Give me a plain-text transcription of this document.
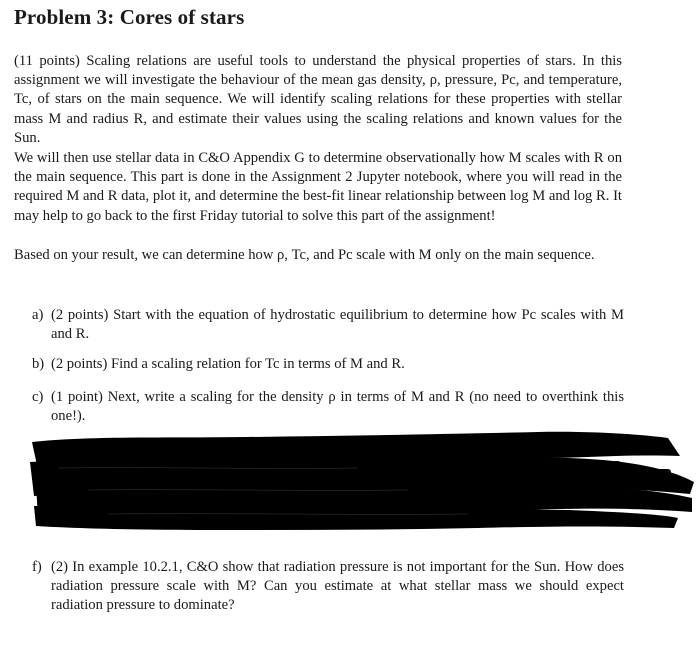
Problem 3: Cores of stars

(11 points) Scaling relations are useful tools to understand the physical properties of stars. In this assignment we will investigate the behaviour of the mean gas density, ρ, pressure, Pc, and temperature, Tc, of stars on the main sequence. We will identify scaling relations for these properties with stellar mass M and radius R, and estimate their values using the scaling relations and known values for the Sun.

We will then use stellar data in C&O Appendix G to determine observationally how M scales with R on the main sequence. This part is done in the Assignment 2 Jupyter notebook, where you will read in the required M and R data, plot it, and determine the best-fit linear relationship between log M and log R. It may help to go back to the first Friday tutorial to solve this part of the assignment!

Based on your result, we can determine how ρ, Tc, and Pc scale with M only on the main sequence.

a) (2 points) Start with the equation of hydrostatic equilibrium to determine how Pc scales with M and R.
b) (2 points) Find a scaling relation for Tc in terms of M and R.
c) (1 point) Next, write a scaling for the density ρ in terms of M and R (no need to overthink this one!).
f) (2) In example 10.2.1, C&O show that radiation pressure is not important for the Sun. How does radiation pressure scale with M? Can you estimate at what stellar mass we should expect radiation pressure to dominate?
